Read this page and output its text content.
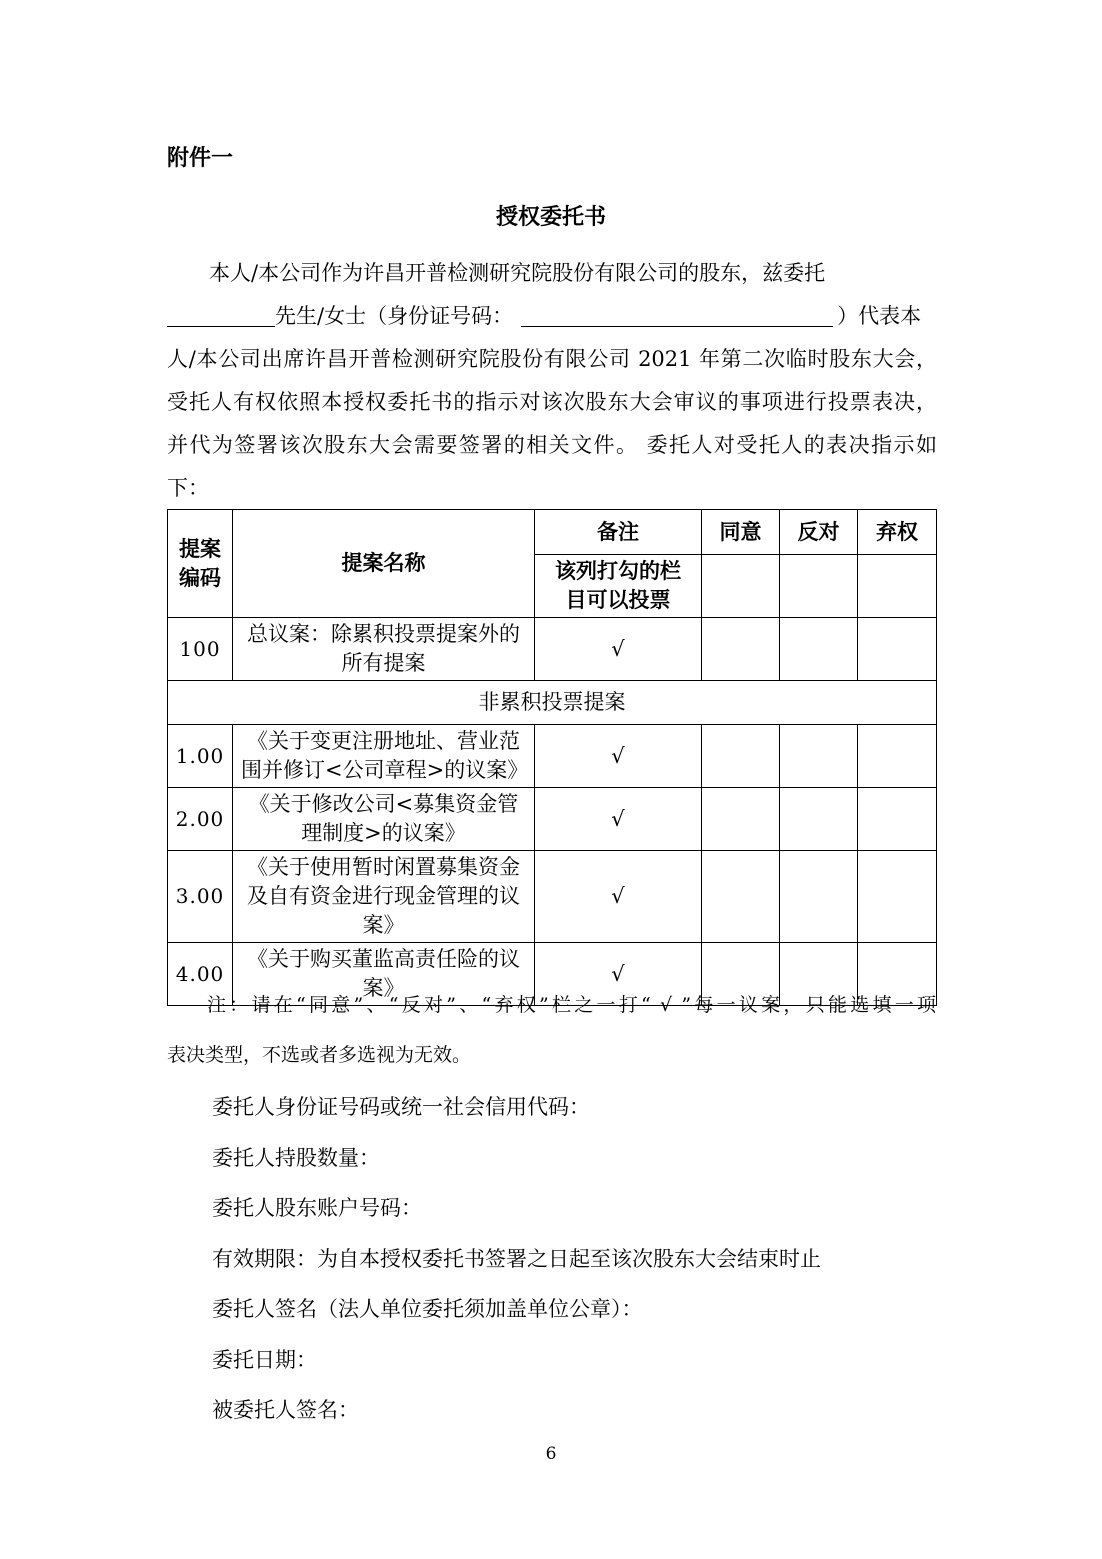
附件一
授权委托书
本人/本公司作为许昌开普检测研究院股份有限公司的股东，兹委托
先生/女士（身份证号码：	）代表本
人/本公司出席许昌开普检测研究院股份有限公司 2021 年第二次临时股东大会，
受托人有权依照本授权委托书的指示对该次股东大会审议的事项进行投票表决，
并代为签署该次股东大会需要签署的相关文件。 委托人对受托人的表决指示如
下：
提案编码	提案名称	备注	同意	反对	弃权
		该列打勾的栏目可以投票			
100	总议案：除累积投票提案外的所有提案	√			
非累积投票提案					
1.00	《关于变更注册地址、营业范围并修订<公司章程>的议案》	√			
2.00	《关于修改公司<募集资金管理制度>的议案》	√			
3.00	《关于使用暂时闲置募集资金及自有资金进行现金管理的议案》	√			
4.00	《关于购买董监高责任险的议案》	√			
注：请在“同意”、“反对”、“弃权”栏之一打“ √ ”每一议案，只能选填一项
表决类型，不选或者多选视为无效。
委托人身份证号码或统一社会信用代码：
委托人持股数量：
委托人股东账户号码：
有效期限：为自本授权委托书签署之日起至该次股东大会结束时止
委托人签名（法人单位委托须加盖单位公章）：
委托日期：
被委托人签名：
6
